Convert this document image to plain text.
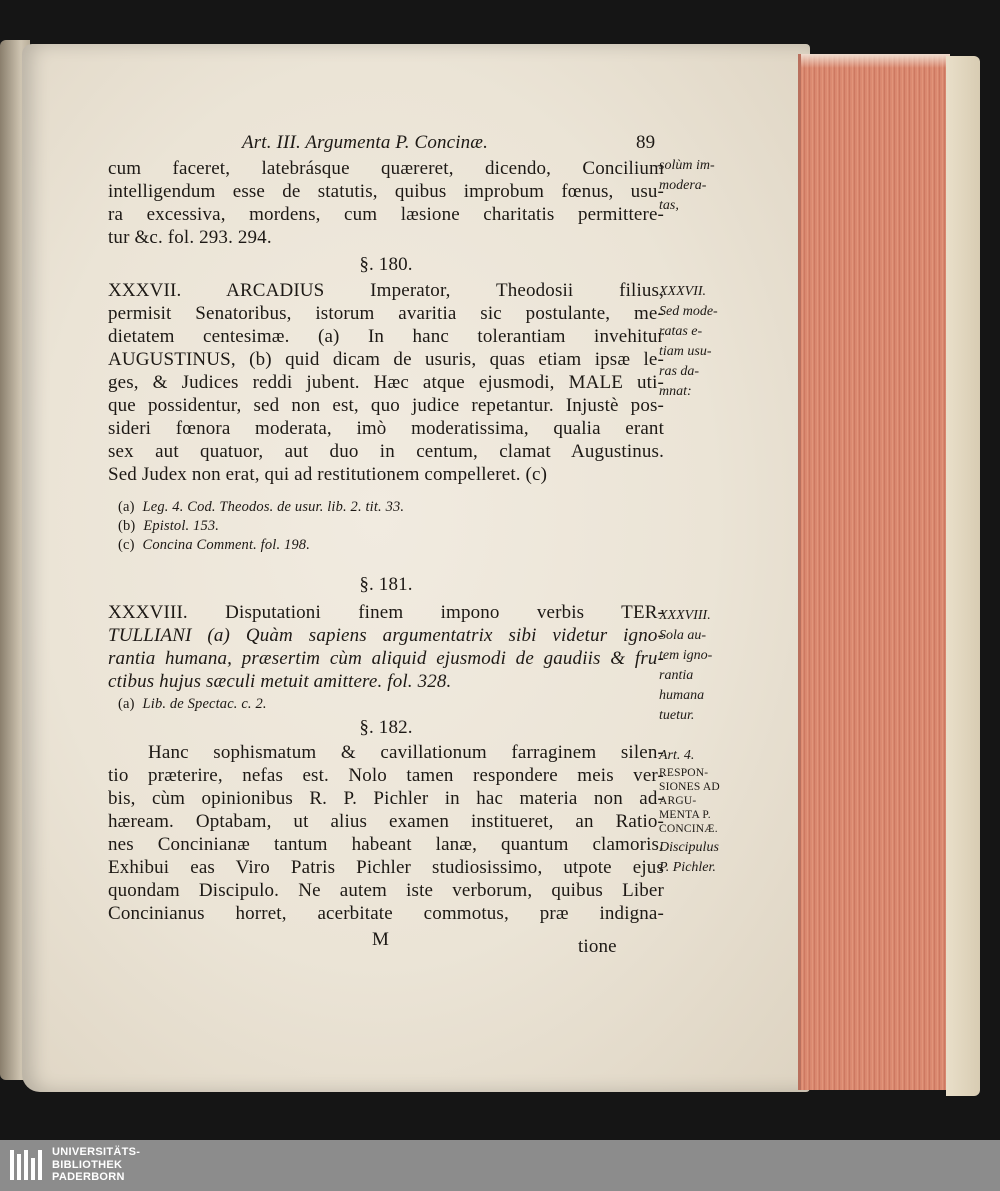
Art. III. Argumenta P. Concinæ.	89
cum faceret, latebrásque quæreret, dicendo, Concilium
intelligendum esse de statutis, quibus improbum fœnus, usu-
ra excessiva, mordens, cum læsione charitatis permittere-
tur &c. fol. 293. 294.
§. 180.
XXXVII. ARCADIUS Imperator, Theodosii filius,
permisit Senatoribus, istorum avaritia sic postulante, me-
dietatem centesimæ. (a) In hanc tolerantiam invehitur
AUGUSTINUS, (b) quid dicam de usuris, quas etiam ipsæ le-
ges, & Judices reddi jubent. Hæc atque ejusmodi, MALE uti-
que possidentur, sed non est, quo judice repetantur. Injustè pos-
sideri fœnora moderata, imò moderatissima, qualia erant
sex aut quatuor, aut duo in centum, clamat Augustinus.
Sed Judex non erat, qui ad restitutionem compelleret. (c)
(a) Leg. 4. Cod. Theodos. de usur. lib. 2. tit. 33.
(b) Epistol. 153.
(c) Concina Comment. fol. 198.
§. 181.
XXXVIII. Disputationi finem impono verbis TER-
TULLIANI (a) Quàm sapiens argumentatrix sibi videtur igno-
rantia humana, præsertim cùm aliquid ejusmodi de gaudiis & fru-
ctibus hujus sæculi metuit amittere. fol. 328.
(a) Lib. de Spectac. c. 2.
§. 182.
Hanc sophismatum & cavillationum farraginem silen-
tio præterire, nefas est. Nolo tamen respondere meis ver-
bis, cùm opinionibus R. P. Pichler in hac materia non ad-
hæream. Optabam, ut alius examen institueret, an Ratio-
nes Concinianæ tantum habeant lanæ, quantum clamoris.
Exhibui eas Viro Patris Pichler studiosissimo, utpote ejus
quondam Discipulo. Ne autem iste verborum, quibus Liber
Concinianus horret, acerbitate commotus, præ indigna-
M	tione
solùm im-
modera-
tas,
XXXVII.
Sed mode-
ratas e-
tiam usu-
ras da-
mnat:
XXXVIII.
Sola au-
tem igno-
rantia
humana
tuetur.
Art. 4.
RESPON-
SIONES AD
ARGU-
MENTA P.
CONCINÆ.
Discipulus
P. Pichler.
UNIVERSITÄTS-
BIBLIOTHEK
PADERBORN
